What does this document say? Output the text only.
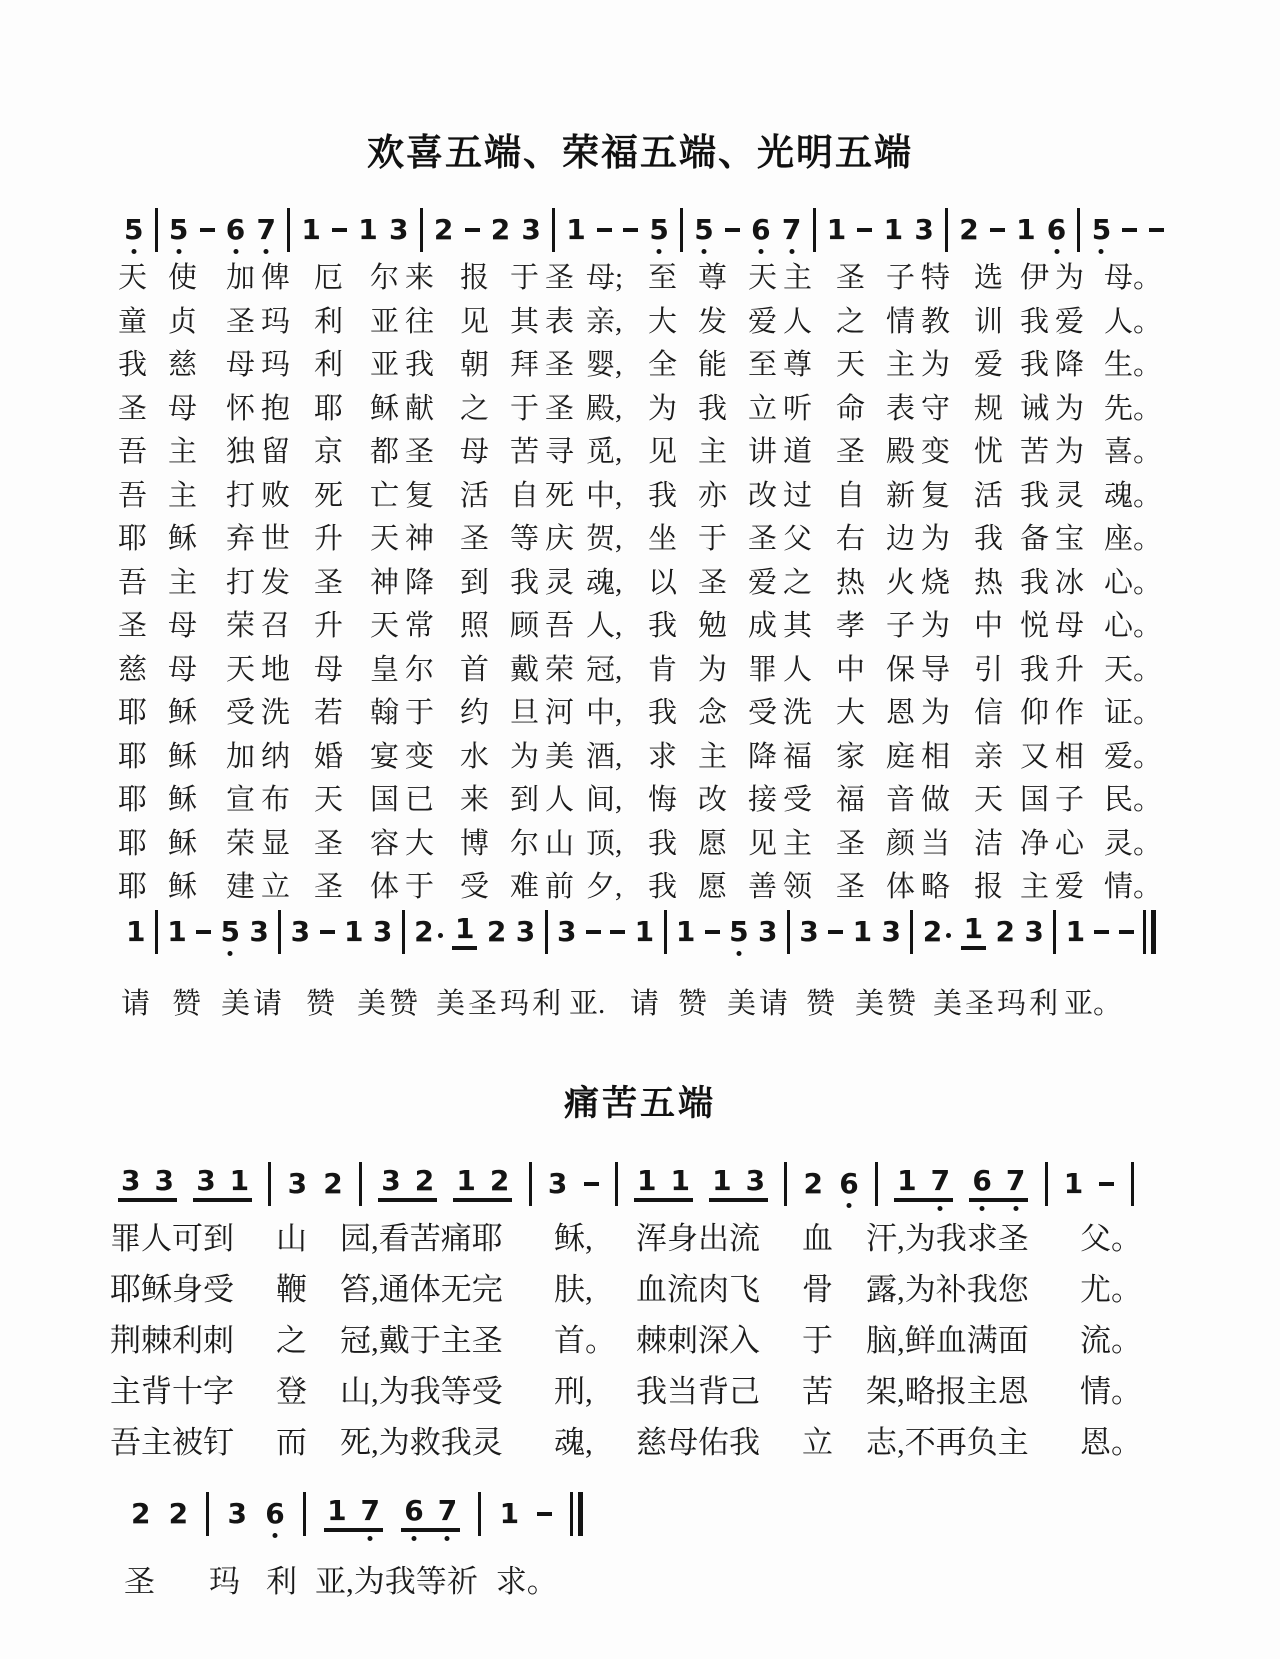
欢喜五端、荣福五端、光明五端
5 5 6 7 1 1 3 2 2 3 1 5 5 6 7 1 1 3 2 1 6 5
天 使 加 俾 厄 尔 来 报 于 圣 母; 至 尊 天 主 圣 子 特 选 伊 为 母。
童 贞 圣 玛 利 亚 往 见 其 表 亲, 大 发 爱 人 之 情 教 训 我 爱 人。
我 慈 母 玛 利 亚 我 朝 拜 圣 婴, 全 能 至 尊 天 主 为 爱 我 降 生。
圣 母 怀 抱 耶 稣 献 之 于 圣 殿, 为 我 立 听 命 表 守 规 诫 为 先。
吾 主 独 留 京 都 圣 母 苦 寻 觅, 见 主 讲 道 圣 殿 变 忧 苦 为 喜。
吾 主 打 败 死 亡 复 活 自 死 中, 我 亦 改 过 自 新 复 活 我 灵 魂。
耶 稣 弃 世 升 天 神 圣 等 庆 贺, 坐 于 圣 父 右 边 为 我 备 宝 座。
吾 主 打 发 圣 神 降 到 我 灵 魂, 以 圣 爱 之 热 火 烧 热 我 冰 心。
圣 母 荣 召 升 天 常 照 顾 吾 人, 我 勉 成 其 孝 子 为 中 悦 母 心。
慈 母 天 地 母 皇 尔 首 戴 荣 冠, 肯 为 罪 人 中 保 导 引 我 升 天。
耶 稣 受 洗 若 翰 于 约 旦 河 中, 我 念 受 洗 大 恩 为 信 仰 作 证。
耶 稣 加 纳 婚 宴 变 水 为 美 酒, 求 主 降 福 家 庭 相 亲 又 相 爱。
耶 稣 宣 布 天 国 已 来 到 人 间, 悔 改 接 受 福 音 做 天 国 子 民。
耶 稣 荣 显 圣 容 大 博 尔 山 顶, 我 愿 见 主 圣 颜 当 洁 净 心 灵。
耶 稣 建 立 圣 体 于 受 难 前 夕, 我 愿 善 领 圣 体 略 报 主 爱 情。
1 1 5 3 3 1 3 2 1 2 3 3 1 1 5 3 3 1 3 2 1 2 3 1
请 赞 美 请 赞 美 赞 美 圣 玛 利 亚. 请 赞 美 请 赞 美 赞 美 圣 玛 利 亚。
痛苦五端
3 3 3 1 3 2 3 2 1 2 3 1 1 1 3 2 6 1 7 6 7 1
罪 人 可 到 山 园, 看 苦 痛 耶 稣, 浑 身 出 流 血 汗, 为 我 求 圣 父。
耶 稣 身 受 鞭 笞, 通 体 无 完 肤, 血 流 肉 飞 骨 露, 为 补 我 您 尤。
荆 棘 利 刺 之 冠, 戴 于 主 圣 首。 棘 刺 深 入 于 脑, 鲜 血 满 面 流。
主 背 十 字 登 山, 为 我 等 受 刑, 我 当 背 己 苦 架, 略 报 主 恩 情。
吾 主 被 钉 而 死, 为 救 我 灵 魂, 慈 母 佑 我 立 志, 不 再 负 主 恩。
2 2 3 6 1 7 6 7 1
圣 玛 利 亚, 为 我 等 祈 求。
